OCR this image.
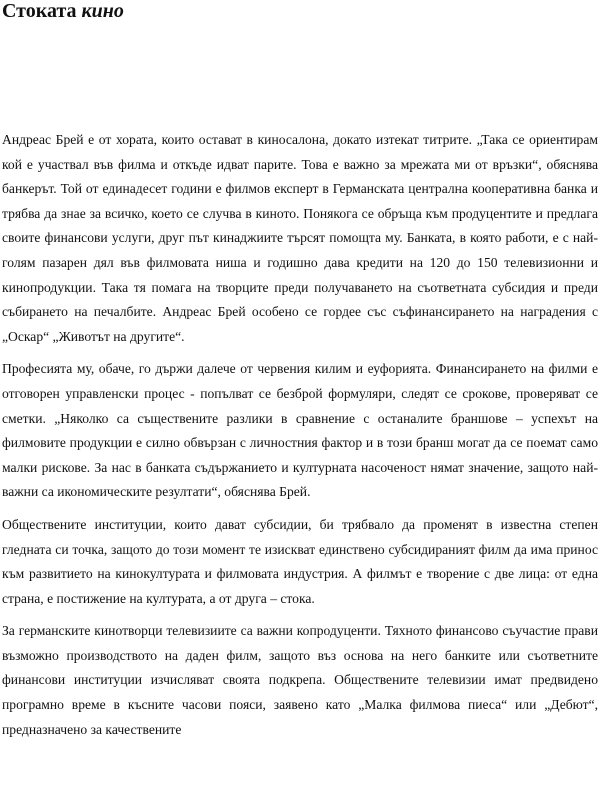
Стоката кино

Андреас Брей е от хората, които остават в киносалона, докато изтекат титрите. „Така се ориентирам кой е участвал във филма и откъде идват парите. Това е важно за мрежата ми от връзки“, обяснява банкерът. Той от единадесет години е филмов експерт в Германската централна кооперативна банка и трябва да знае за всичко, което се случва в киното. Понякога се обръща към продуцентите и предлага своите финансови услуги, друг път кинаджиите търсят помощта му. Банката, в която работи, е с най-голям пазарен дял във филмовата ниша и годишно дава кредити на 120 до 150 телевизионни и кинопродукции. Така тя помага на творците преди получаването на съответната субсидия и преди събирането на печалбите. Андреас Брей особено се гордее със съфинансирането на наградения с „Оскар“ „Животът на другите“.

Професията му, обаче, го държи далече от червения килим и еуфорията. Финансирането на филми е отговорен управленски процес - попълват се безброй формуляри, следят се срокове, проверяват се сметки. „Няколко са съществените разлики в сравнение с останалите браншове – успехът на филмовите продукции е силно обвързан с личностния фактор и в този бранш могат да се поемат само малки рискове. За нас в банката съдържанието и културната насоченост нямат значение, защото най-важни са икономическите резултати“, обяснява Брей.

Обществените институции, които дават субсидии, би трябвало да променят в известна степен гледната си точка, защото до този момент те изискват единствено субсидираният филм да има принос към развитието на кинокултурата и филмовата индустрия. А филмът е творение с две лица: от една страна, е постижение на културата, а от друга – стока.

За германските кинотворци телевизиите са важни копродуценти. Тяхното финансово съучастие прави възможно производството на даден филм, защото въз основа на него банките или съответните финансови институции изчисляват своята подкрепа. Обществените телевизии имат предвидено програмно време в късните часови пояси, заявено като „Малка филмова пиеса“ или „Дебют“, предназначено за качествените
